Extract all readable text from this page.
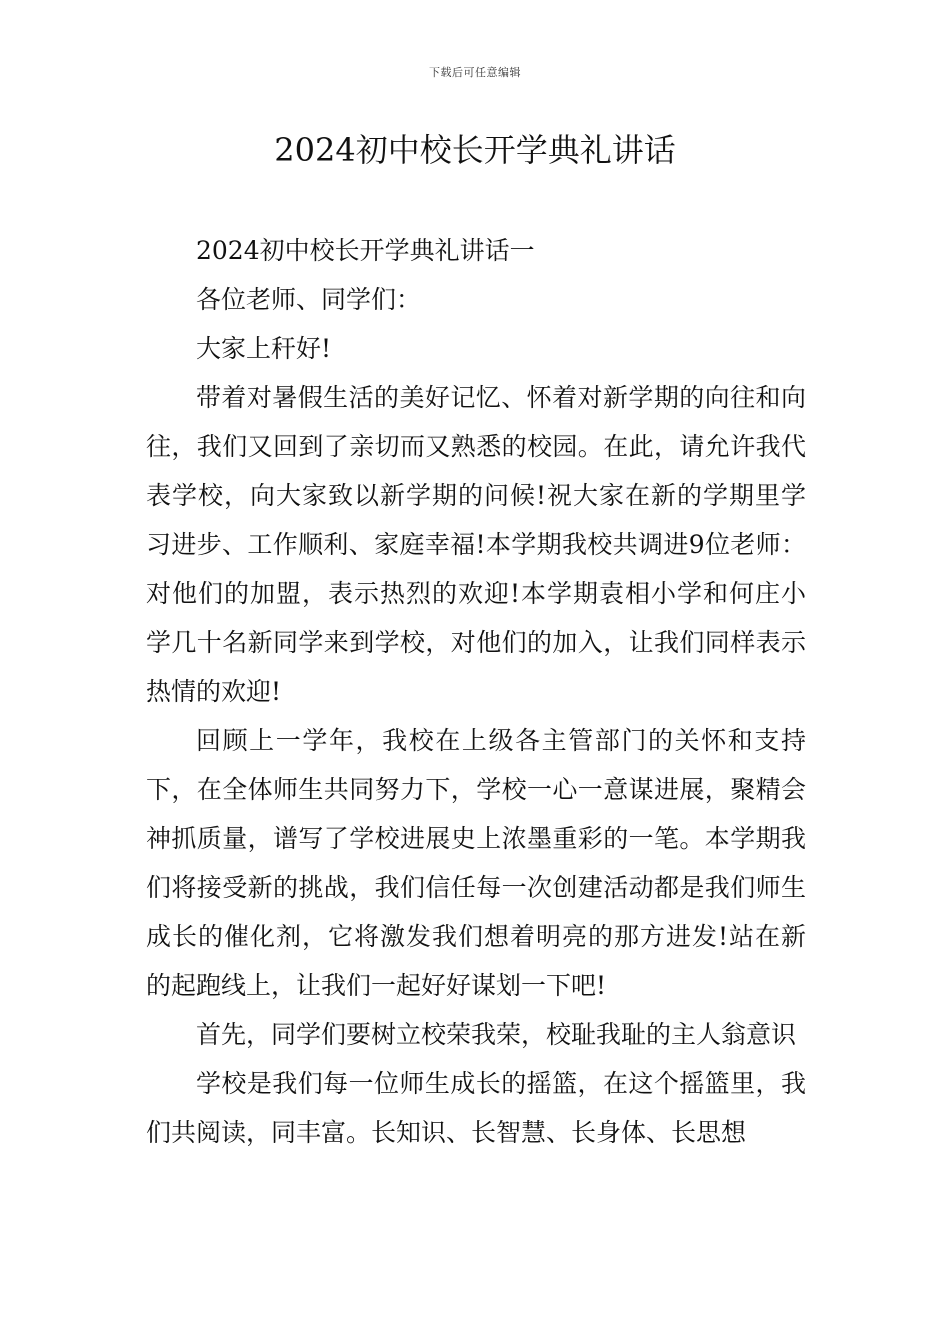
下载后可任意编辑
2024初中校长开学典礼讲话

2024初中校长开学典礼讲话一

各位老师、同学们：

大家上秆好!

带着对暑假生活的美好记忆、怀着对新学期的向往和向往，我们又回到了亲切而又熟悉的校园。在此，请允许我代表学校，向大家致以新学期的问候!祝大家在新的学期里学习进步、工作顺利、家庭幸福!本学期我校共调进9位老师：对他们的加盟，表示热烈的欢迎!本学期袁相小学和何庄小学几十名新同学来到学校，对他们的加入，让我们同样表示热情的欢迎!

回顾上一学年，我校在上级各主管部门的关怀和支持下，在全体师生共同努力下，学校一心一意谋进展，聚精会神抓质量，谱写了学校进展史上浓墨重彩的一笔。本学期我们将接受新的挑战，我们信任每一次创建活动都是我们师生成长的催化剂，它将激发我们想着明亮的那方进发!站在新的起跑线上，让我们一起好好谋划一下吧!

首先，同学们要树立校荣我荣，校耻我耻的主人翁意识

学校是我们每一位师生成长的摇篮，在这个摇篮里，我们共阅读，同丰富。长知识、长智慧、长身体、长思想
